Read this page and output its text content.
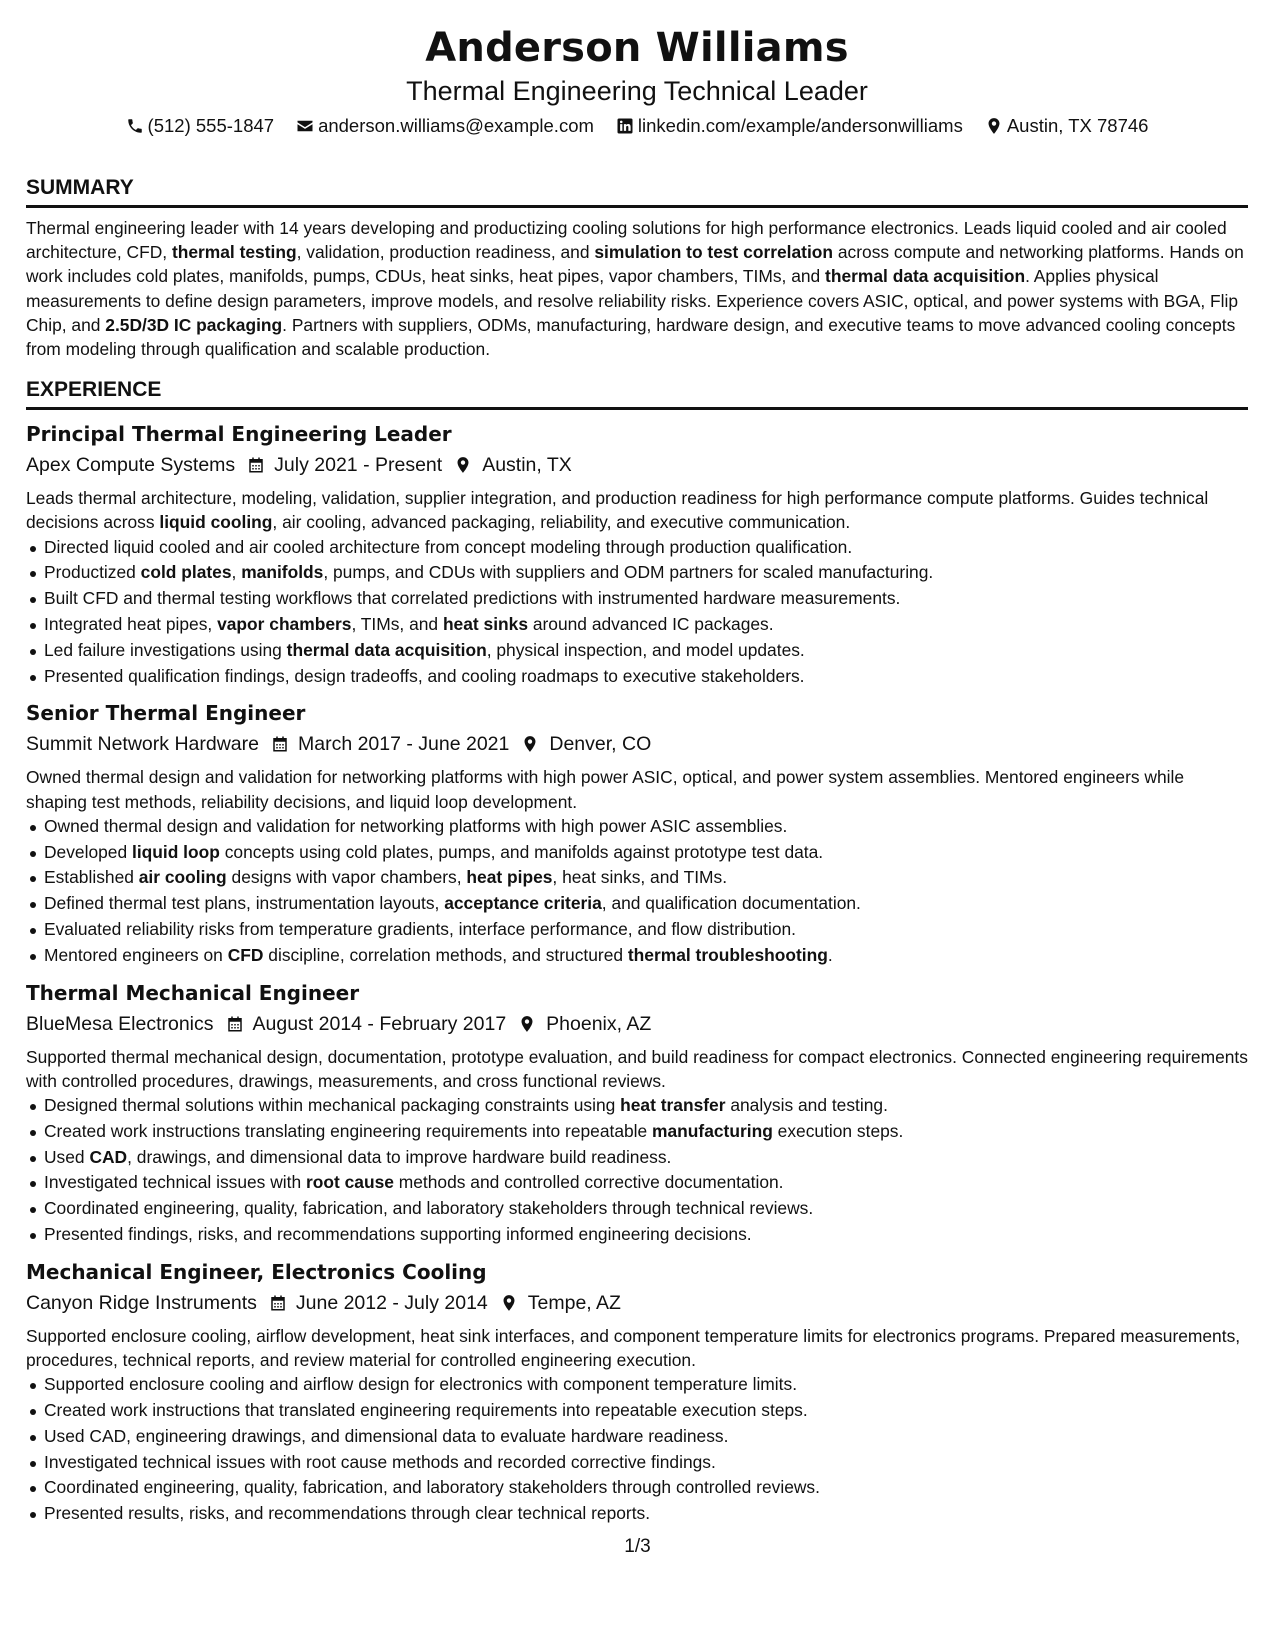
Anderson Williams

Thermal Engineering Technical Leader

(512) 555-1847 anderson.williams@example.com linkedin.com/example/andersonwilliams Austin, TX 78746
SUMMARY

Thermal engineering leader with 14 years developing and productizing cooling solutions for high performance electronics. Leads liquid cooled and air cooled architecture, CFD, thermal testing, validation, production readiness, and simulation to test correlation across compute and networking platforms. Hands on work includes cold plates, manifolds, pumps, CDUs, heat sinks, heat pipes, vapor chambers, TIMs, and thermal data acquisition. Applies physical measurements to define design parameters, improve models, and resolve reliability risks. Experience covers ASIC, optical, and power systems with BGA, Flip Chip, and 2.5D/3D IC packaging. Partners with suppliers, ODMs, manufacturing, hardware design, and executive teams to move advanced cooling concepts from modeling through qualification and scalable production.

EXPERIENCE
Principal Thermal Engineering Leader
Apex Compute Systems July 2021 - Present Austin, TX

Leads thermal architecture, modeling, validation, supplier integration, and production readiness for high performance compute platforms. Guides technical decisions across liquid cooling, air cooling, advanced packaging, reliability, and executive communication.

Directed liquid cooled and air cooled architecture from concept modeling through production qualification.
Productized cold plates, manifolds, pumps, and CDUs with suppliers and ODM partners for scaled manufacturing.
Built CFD and thermal testing workflows that correlated predictions with instrumented hardware measurements.
Integrated heat pipes, vapor chambers, TIMs, and heat sinks around advanced IC packages.
Led failure investigations using thermal data acquisition, physical inspection, and model updates.
Presented qualification findings, design tradeoffs, and cooling roadmaps to executive stakeholders.
Senior Thermal Engineer
Summit Network Hardware March 2017 - June 2021 Denver, CO

Owned thermal design and validation for networking platforms with high power ASIC, optical, and power system assemblies. Mentored engineers while shaping test methods, reliability decisions, and liquid loop development.

Owned thermal design and validation for networking platforms with high power ASIC assemblies.
Developed liquid loop concepts using cold plates, pumps, and manifolds against prototype test data.
Established air cooling designs with vapor chambers, heat pipes, heat sinks, and TIMs.
Defined thermal test plans, instrumentation layouts, acceptance criteria, and qualification documentation.
Evaluated reliability risks from temperature gradients, interface performance, and flow distribution.
Mentored engineers on CFD discipline, correlation methods, and structured thermal troubleshooting.
Thermal Mechanical Engineer
BlueMesa Electronics August 2014 - February 2017 Phoenix, AZ

Supported thermal mechanical design, documentation, prototype evaluation, and build readiness for compact electronics. Connected engineering requirements with controlled procedures, drawings, measurements, and cross functional reviews.

Designed thermal solutions within mechanical packaging constraints using heat transfer analysis and testing.
Created work instructions translating engineering requirements into repeatable manufacturing execution steps.
Used CAD, drawings, and dimensional data to improve hardware build readiness.
Investigated technical issues with root cause methods and controlled corrective documentation.
Coordinated engineering, quality, fabrication, and laboratory stakeholders through technical reviews.
Presented findings, risks, and recommendations supporting informed engineering decisions.
Mechanical Engineer, Electronics Cooling
Canyon Ridge Instruments June 2012 - July 2014 Tempe, AZ

Supported enclosure cooling, airflow development, heat sink interfaces, and component temperature limits for electronics programs. Prepared measurements, procedures, technical reports, and review material for controlled engineering execution.

Supported enclosure cooling and airflow design for electronics with component temperature limits.
Created work instructions that translated engineering requirements into repeatable execution steps.
Used CAD, engineering drawings, and dimensional data to evaluate hardware readiness.
Investigated technical issues with root cause methods and recorded corrective findings.
Coordinated engineering, quality, fabrication, and laboratory stakeholders through controlled reviews.
Presented results, risks, and recommendations through clear technical reports.
1/3
